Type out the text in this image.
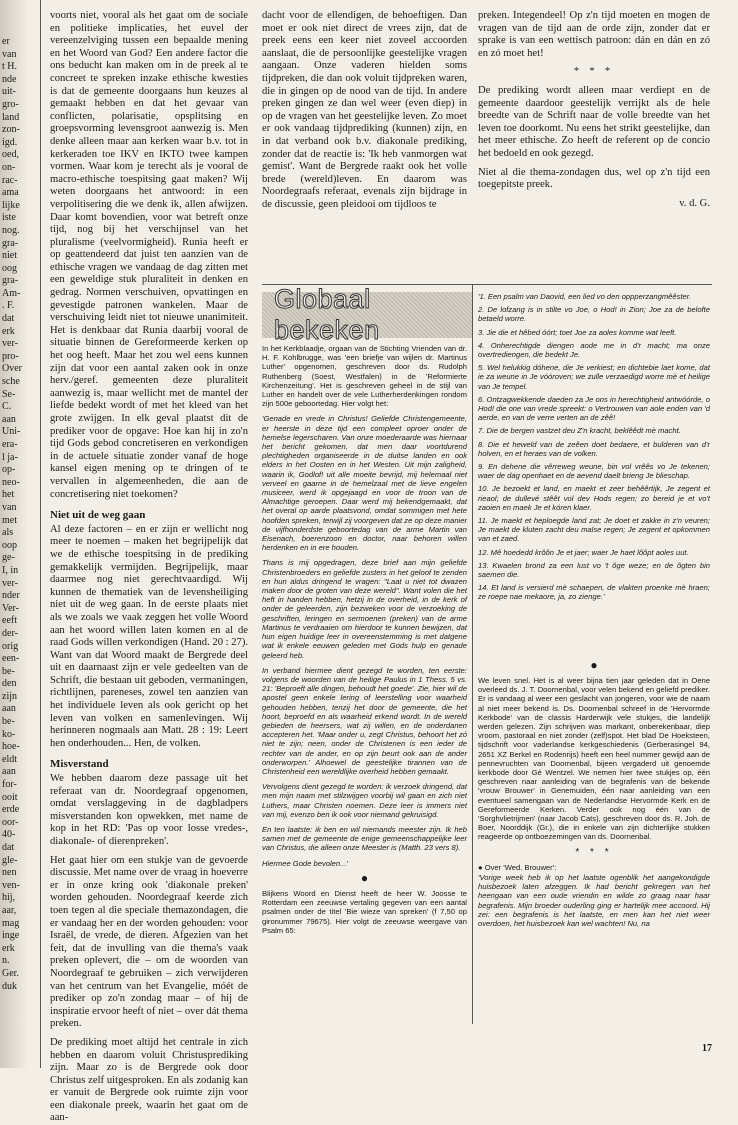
er
van
t H.
nde
uit-
gro-
land
zon-
igd.
oed,
on-
rac-
ama
lijke
iste
nog.
gra-
niet
oog
gra-
Am-
. F.
dat
erk
ver-
pro-
Over
sche
Se-
C.
aan
Uni-
era-
l ja-
op-
neo-
het
van
met
als
oop
ge-
I, in
ver-
nder
Ver-
eeft
der-
orig
een-
be-
den
zijn
aan
be-
ko-
hoe-
eldt
aan
for-
ooit
erde
oor-
40-
dat
gle-
nen
ven-
hij,
aar,
mag
inge
erk
n.
Ger.
duk

voorts niet, vooral als het gaat om de sociale en politieke implicaties, het euvel der vereenzelviging tussen een bepaalde mening en het Woord van God? Een andere factor die ons beducht kan maken om in de preek al te concreet te spreken inzake ethische kwesties is dat de gemeente doorgaans hun keuzes al gemaakt hebben en dat het gevaar van conflicten, polarisatie, opsplitsing en groepsvorming levensgroot aanwezig is. Men denke alleen maar aan kerken waar b.v. tot in kerkeraden toe IKV en IKTO twee kampen vormen. Waar kom je terecht als je vooral de macro-ethische toespitsing gaat maken? Wij weten doorgaans het antwoord: in een verpolitisering die we denk ik, allen afwijzen. Daar komt bovendien, voor wat betreft onze tijd, nog bij het verschijnsel van het pluralisme (veelvormigheid). Runia heeft er op geattendeerd dat juist ten aanzien van de ethische vragen we vandaag de dag zitten met een geweldige stuk pluraliteit in denken en gedrag. Normen verschuiven, opvattingen en gevestigde patronen wankelen. Maar de verschuiving leidt niet tot nieuwe unanimiteit. Het is denkbaar dat Runia daarbij vooral de situatie binnen de Gereformeerde kerken op het oog heeft. Maar het zou wel eens kunnen zijn dat voor een aantal zaken ook in onze herv./geref. gemeenten deze pluraliteit aanwezig is, maar wellicht met de mantel der liefde bedekt wordt of met het kleed van het grote zwijgen. In elk geval plaatst dit de prediker voor de opgave: Hoe kan hij in zo'n tijd Gods gebod concretiseren en verkondigen in de actuele situatie zonder vanaf de hoge kansel eigen mening op te dringen of te vervallen in algemeenheden, die aan de concretisering niet toekomen?

Niet uit de weg gaan

Al deze factoren – en er zijn er wellicht nog meer te noemen – maken het begrijpelijk dat we de ethische toespitsing in de prediking gemakkelijk vermijden. Begrijpelijk, maar daarmee nog niet gerechtvaardigd. Wij kunnen de thematiek van de levensheiliging niet uit de weg gaan. In de eerste plaats niet als we zoals we vaak zeggen het volle Woord aan het woord willen laten komen en al de raad Gods willen verkondigen (Hand. 20 : 27). Want van dat Woord maakt de Bergrede deel uit en daarnaast zijn er vele gedeelten van de Schrift, die bestaan uit geboden, vermaningen, richtlijnen, pareneses, zowel ten aanzien van het individuele leven als ook gericht op het leven van volken en samenlevingen. Wij herinneren nogmaals aan Matt. 28 : 19: Leert hen onderhouden... Hen, de volken.

Misverstand

We hebben daarom deze passage uit het referaat van dr. Noordegraaf opgenomen, omdat verslaggeving in de dagbladpers misverstanden kon opwekken, met name de kop in het RD: 'Pas op voor losse vredes-, diakonale- of dierenpreken'.

Het gaat hier om een stukje van de gevoerde discussie. Met name over de vraag in hoeverre er in onze kring ook 'diakonale preken' worden gehouden. Noordegraaf keerde zich toen tegen al die speciale themazondagen, die er vandaag her en der worden gehouden: voor Israël, de vrede, de dieren. Afgezien van het feit, dat de invulling van die thema's vaak preken oplevert, die – om de woorden van Noordegraaf te gebruiken – zich verwijderen van het centrum van het Evangelie, móét de prediker op zo'n zondag maar – of hij de inspiratie ervoor heeft of niet – over dát thema preken.

De prediking moet altijd het centrale in zich hebben en daarom voluit Christusprediking zijn. Maar zo is de Bergrede ook door Christus zelf uitgesproken. En als zodanig kan er vanuit de Bergrede ook ruimte zijn voor een diakonale preek, waarin het gaat om de aan-

dacht voor de ellendigen, de behoeftigen. Dan moet er ook niet direct de vrees zijn, dat de preek eens een keer niet zoveel accoorden aanslaat, die de persoonlijke geestelijke vragen aangaan. Onze vaderen hielden soms tijdpreken, die dan ook voluit tijdpreken waren, die in gingen op de nood van de tijd. In andere preken gingen ze dan wel weer (even diep) in op de vragen van het geestelijke leven. Zo moet er ook vandaag tijdprediking (kunnen) zijn, en in dat verband ook b.v. diakonale prediking, zonder dat de reactie is: 'Ik heb vanmorgen wat gemist'. Want de Bergrede raakt ook het volle brede (wereld)leven. En daarom was Noordegraafs referaat, evenals zijn bijdrage in de discussie, geen pleidooi om tijdloos te

preken. Integendeel! Op z'n tijd moeten en mogen de vragen van de tijd aan de orde zijn, zonder dat er sprake is van een wettisch patroon: dán en dán en zó en zó moet het!

* * *

De prediking wordt alleen maar verdiept en de gemeente daardoor geestelijk verrijkt als de hele breedte van de Schrift naar de volle breedte van het leven toe doorkomt. Nu eens het strikt geestelijke, dan het meer ethische. Zo heeft de referent op de concio het bedoeld en ook gezegd.

Niet al die thema-zondagen dus, wel op z'n tijd een toegepitste preek.

v. d. G.
Globaal bekeken

In het Kerkblaadje, orgaan van de Stichting Vrienden van dr. H. F. Kohlbrugge, was 'een briefje van wijlen dr. Martinus Luther' opgenomen, geschreven door ds. Rudolph Ruthenberg (Soest, Westfalen) in de 'Reformierte Kirchenzeitung'. Het is geschreven geheel in de stijl van Luther en handelt over de vele Lutherherdenkingen rondom zijn 500e geboortedag. Hier volgt het:

'Genade en vrede in Christus! Geliefde Christengemeente, er heerste in deze tijd een compleet oproer onder de hemelse legerscharen. Van onze moederaarde was hiernaar het bericht gekomen, dat men daar voortdurend plechtigheden organiseerde in de duitse landen en ook elders in het Oosten en in het Westen. Uit mijn zaligheid, waarin ik, Godlof! uit alle moeite bevrijd, mij helemaal niet verveel en gaarne in de hemelzaal met de lieve engelen musiceer, werd ik opgejaagd en voor de troon van de Almachtige geroepen. Daar werd mij bekendgemaakt, dat het overal op aarde plaatsvond, omdat sommigen met hete hoofden spreken, terwijl zij voorgeven dat ze op deze manier de vijfhonderdste geboortedag van de arme Martin van Eisenach, boerenzoon en doctor, naar behoren willen herdenken en in ere houden.

Thans is mij opgedragen, deze brief aan mijn geliefde Christenbroeders en geliefde zusters in het geloof te zenden en hun aldus dringend te vragen: "Laat u niet tot dwazen maken door de groten van deze wereld". Want volen die het heft in handen hebben, hetzij in de overheid, in de kerk of onder de geleerden, zijn bezweken voor de verzoeking de geschriften, leringen en sermoenen (preken) van de arme Martinus te verdraaien om hierdoor te kunnen bewijzen, dat hun eigen huidige leer in overeenstemming is met datgene wat ik enkele eeuwen geleden met Gods hulp en genade geleerd heb.

In verband hiermee dient gezegd te worden, ten eerste: volgens de woorden van de heilige Paulus in 1 Thess. 5 vs. 21: 'Beproeft alle dingen, behoudt het goede'. Zie, hier wil de apostel geen enkele lering of leerstelling voor waarheid gehouden hebben, tenzij het door de gemeente, die het hoort, beproefd en als waarheid erkend wordt. In de wereld gebieden de heersers, wat zij willen, en de onderdanen accepteren het. 'Maar onder u, zegt Christus, behoort het zó niet te zijn; neen, onder de Christenen is een ieder de rechter van de ander, en op zijn beurt ook aan de ander onderworpen.' Alhoewel de geestelijke tirannen van de Christenheid een wereldlijke overheid hebben gemaakt.

Vervolgens dient gezegd te worden: ik verzoek dringend, dat men mijn naam met stilzwijgen voorbij wil gaan en zich niet Luthers, maar Christen noemen. Deze leer is immers niet van mij, evenzo ben ik ook voor niemand gekruisigd.

En ten laatste: ik ben en wil niemands meester zijn. Ik heb samen met de gemeente de enige gemeenschappelijke leer van Christus, die alleen onze Meester is (Matth. 23 vers 8).

Hiermee Gode bevolen...'

●

Blijkens Woord en Dienst heeft de heer W. Joosse te Rotterdam een zeeuwse vertaling gegeven van een aantal psalmen onder de titel 'Bie wieze van spreken' (f 7,50 op gironummer 79675). Hier volgt de zeeuwse weergave van Psalm 65:

'1. Een psalm van Daovid, een lied vo den oppperzangmêêster.

2. De lofzang is in stilte vo Joe, o Hod! in Zion; Joe za de belofte betaeld worre.

3. Jie die et hêbed óórt; toet Joe za aoles komme wat leeft.

4. Onherechtigde diengen aode me in d'r macht; ma onze overtrediengen, die bedekt Je.

5. Wel helukkig dóhene, die Je verkiest; en dichtebie laet kome, dat ie za weune in Je vóóroven; we zulle verzaedigd worre mè et heilige van Je tempel.

6. Ontzagwekkende daeden za Je ons in herechtigheid antwóórde, o Hod! die one van vrede spreekt: o Vertrouwen van aole enden van 'd aerde, en van de verre verten an de zêê!

7. Die de bergen vastzet deu Z'n kracht, beklêêdt mè macht.

8. Die et heweld van de zeêen doet bedaere, et bulderen van d'r holven, en et heraes van de volken.

9. En dehene die vêrreweg weune, bin vol vrêês vo Je tekenen; waer de dag openhaet en de aevend daelt brieng Je blieschap.

10. Je bezoekt et land, en maekt et zeer behêêrtijk, Je zegent et rieaol; de dullevé stêêt vol dev Hods regen; zo bereid je et vo't zaoien en maek Je et kóren klaer.

11. Je maekt et heploegde land zat; Je doet et zakke in z'n veuren; Je maekt de kluten zacht deu malse regen; Je zegent et opkommen van et zaed.

12. Mê hoededd krôôn Je et jaer; waer Je haet lôôpt aoles uut.

13. Kwaelen brond za een lust vo 't ôge weze; en de ôgten bin saemen die.

14. Et land is versierd mè schaepen, de vlakten proenke mè hraen; ze roepe nae mekaore, ja, zo zienge.'

●

We leven snel. Het is al weer bijna tien jaar geleden dat in Oene overleed ds. J. T. Doornenbal, voor velen bekend en geliefd prediker. Er is vandaag al weer een geslacht van jongeren, voor wie de naam al niet meer bekend is. Ds. Doornenbal schreef in de 'Hervormde Kerkbode' van de classis Harderwijk vele stukjes, die landelijk werden gelezen. Zijn schrijven was markant, onberekenbaar, diep vroom, pastoraal en niet zonder (zelf)spot. Het blad De Hoeksteen, tijdschrift voor vaderlandse kerkgeschiedenis (Gerberasingel 94, 2651 XZ Berkel en Rodenrijs) heeft een heel nummer gewijd aan de pennevruchten van Doornenbal, bijeen vergaderd uit genoemde kerkbode door Gé Wentzel. We nemen hier twee stukjes op, één geschreven naar aanleiding van de begrafenis van de bekende 'vrouw Brouwer' in Genemuiden, één naar aanleiding van een eventueel samengaan van de Nederlandse Hervormde Kerk en de Gereformeerde Kerken. Verder ook nog één van de 'Sorghvlietrijmen' (naar Jacob Cats), geschreven door ds. R. Joh. de Boer, Noorddijk (Gr.), die in enkele van zijn dichterlijke stukken reageerde op ontboezemingen van ds. Doornenbal.

* * *

● Over 'Wed. Brouwer':

'Vorige week heb ik op het laatste ogenblik het aangekondigde huisbezoek laten afzeggen. Ik had bericht gekregen van het heengaan van een oude vriendin en wilde zo graag naar haar begrafenis. Mijn broeder ouderling ging er hartelijk mee accoord. Hij zei: een begrafenis is het laatste, en men kan het niet weer overdoen, het huisbezoek kan wel wachten! Nu, na

17
